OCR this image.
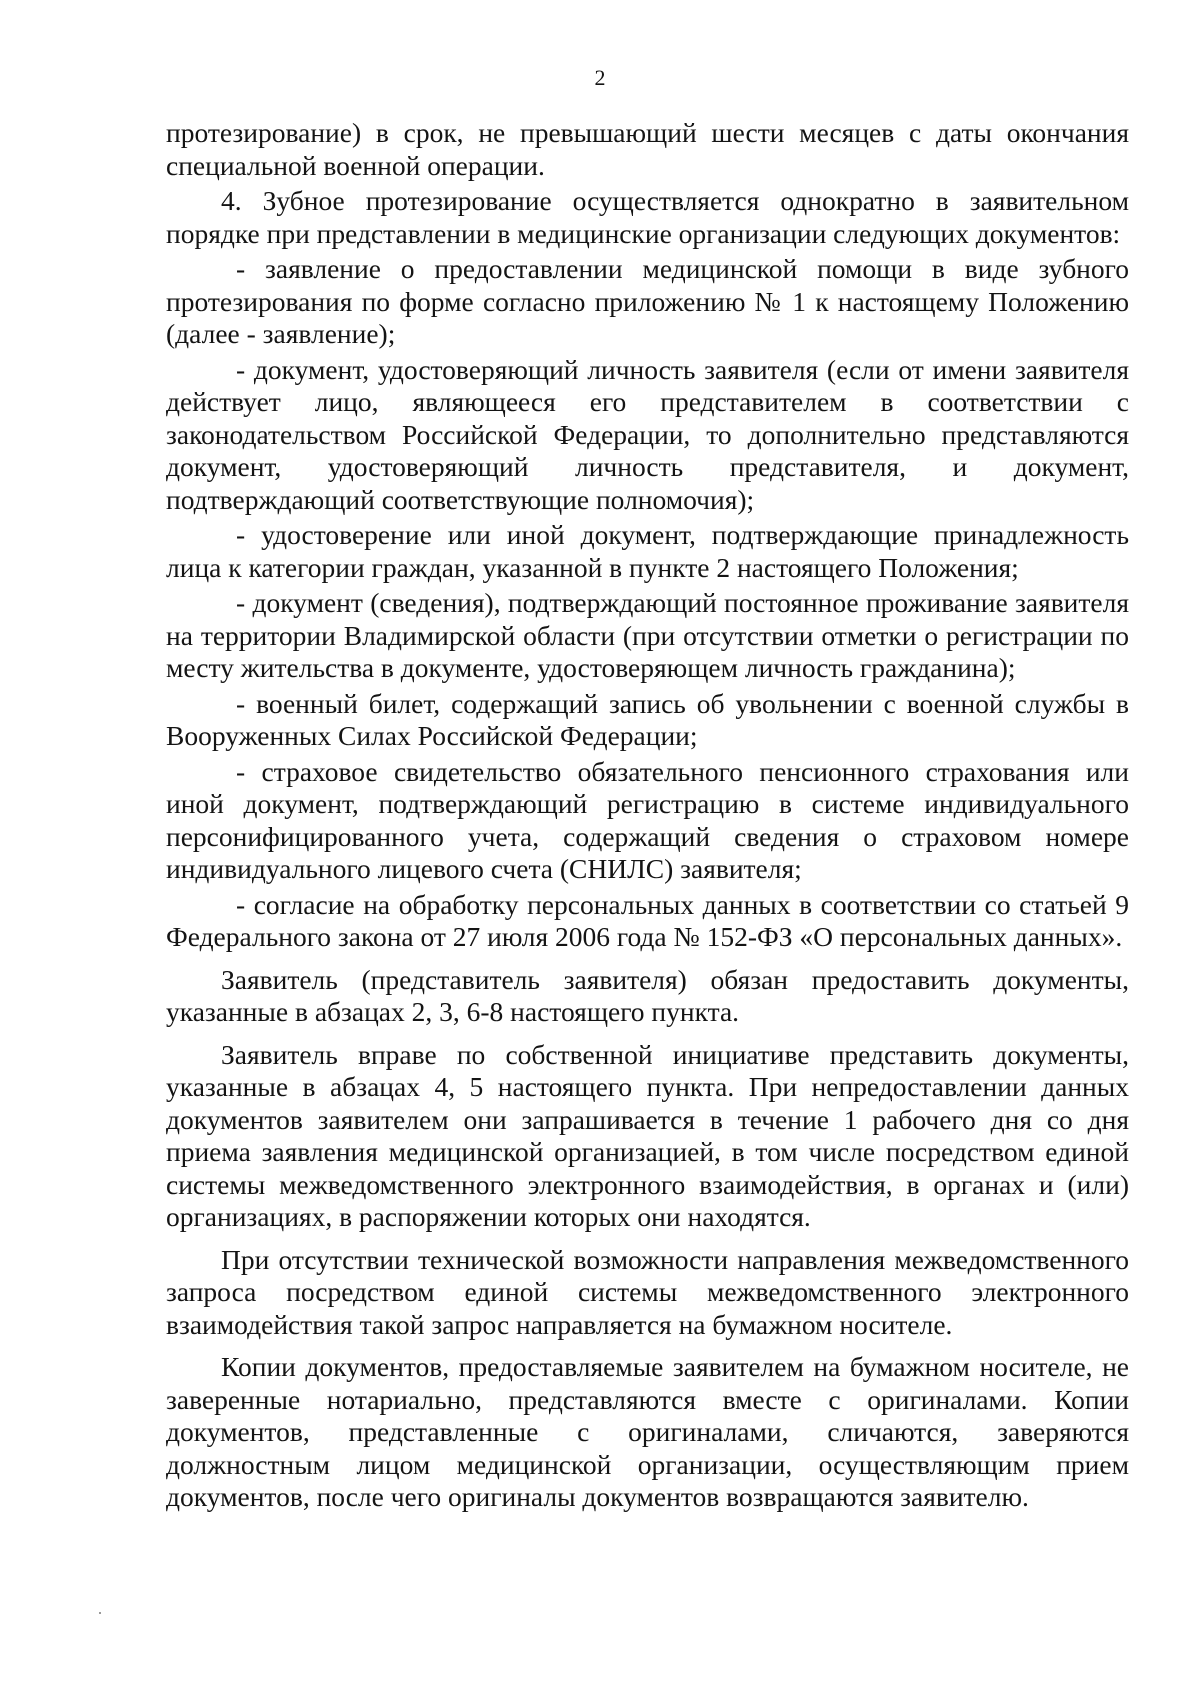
2

протезирование) в срок, не превышающий шести месяцев с даты окончания специальной военной операции.

4. Зубное протезирование осуществляется однократно в заявительном порядке при представлении в медицинские организации следующих документов:

- заявление о предоставлении медицинской помощи в виде зубного протезирования по форме согласно приложению № 1 к настоящему Положению (далее - заявление);

- документ, удостоверяющий личность заявителя (если от имени заявителя действует лицо, являющееся его представителем в соответствии с законодательством Российской Федерации, то дополнительно представляются документ, удостоверяющий личность представителя, и документ, подтверждающий соответствующие полномочия);

- удостоверение или иной документ, подтверждающие принадлежность лица к категории граждан, указанной в пункте 2 настоящего Положения;

- документ (сведения), подтверждающий постоянное проживание заявителя на территории Владимирской области (при отсутствии отметки о регистрации по месту жительства в документе, удостоверяющем личность гражданина);

- военный билет, содержащий запись об увольнении с военной службы в Вооруженных Силах Российской Федерации;

- страховое свидетельство обязательного пенсионного страхования или иной документ, подтверждающий регистрацию в системе индивидуального персонифицированного учета, содержащий сведения о страховом номере индивидуального лицевого счета (СНИЛС) заявителя;

- согласие на обработку персональных данных в соответствии со статьей 9 Федерального закона от 27 июля 2006 года № 152-ФЗ «О персональных данных».

Заявитель (представитель заявителя) обязан предоставить документы, указанные в абзацах 2, 3, 6-8 настоящего пункта.

Заявитель вправе по собственной инициативе представить документы, указанные в абзацах 4, 5 настоящего пункта. При непредоставлении данных документов заявителем они запрашивается в течение 1 рабочего дня со дня приема заявления медицинской организацией, в том числе посредством единой системы межведомственного электронного взаимодействия, в органах и (или) организациях, в распоряжении которых они находятся.

При отсутствии технической возможности направления межведомственного запроса посредством единой системы межведомственного электронного взаимодействия такой запрос направляется на бумажном носителе.

Копии документов, предоставляемые заявителем на бумажном носителе, не заверенные нотариально, представляются вместе с оригиналами. Копии документов, представленные с оригиналами, сличаются, заверяются должностным лицом медицинской организации, осуществляющим прием документов, после чего оригиналы документов возвращаются заявителю.
